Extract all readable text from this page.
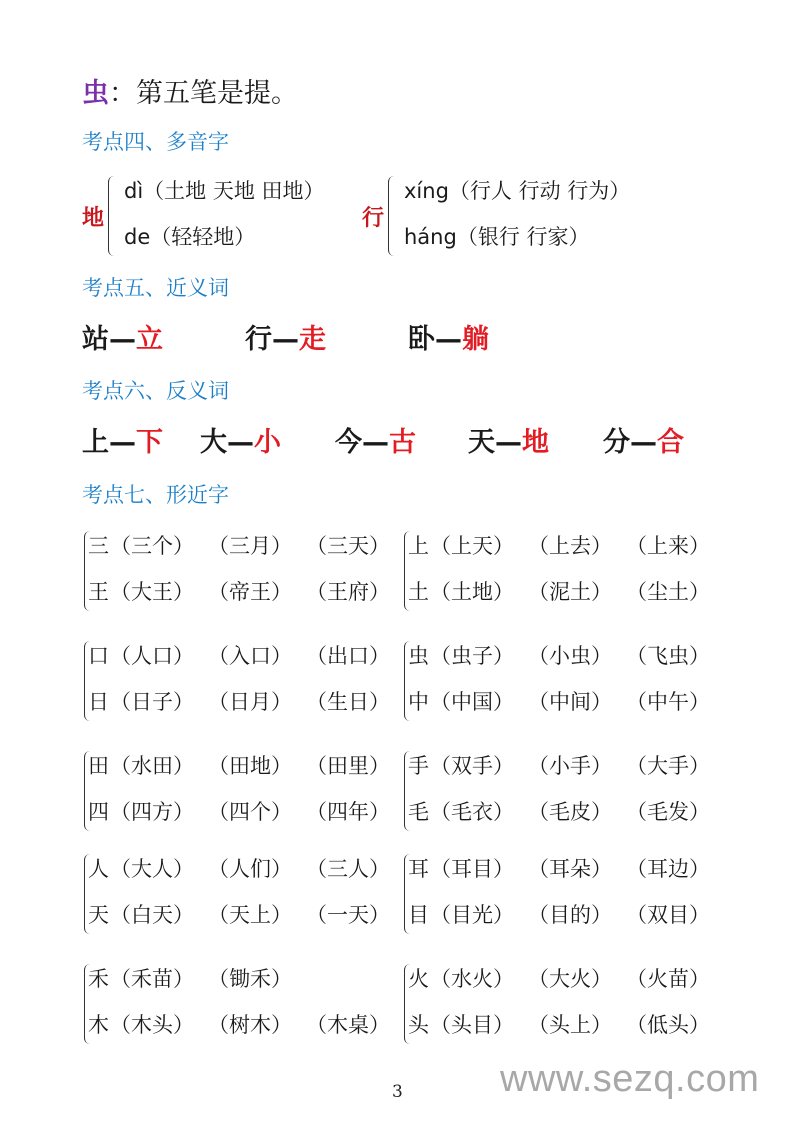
虫：第五笔是提。
考点四、多音字
地
dì（土地 天地 田地）
de（轻轻地）
行
xíng（行人 行动 行为）
háng（银行 行家）
考点五、近义词
站—立	行—走	卧—躺
考点六、反义词
上—下 大—小 今—古 天—地 分—合
考点七、形近字
三 （三个） （三月） （三天）
王 （大王） （帝王） （王府）
上 （上天） （上去） （上来）
土 （土地） （泥土） （尘土）
口 （人口） （入口） （出口）
日 （日子） （日月） （生日）
虫 （虫子） （小虫） （飞虫）
中 （中国） （中间） （中午）
田 （水田） （田地） （田里）
四 （四方） （四个） （四年）
手 （双手） （小手） （大手）
毛 （毛衣） （毛皮） （毛发）
人 （大人） （人们） （三人）
天 （白天） （天上） （一天）
耳 （耳目） （耳朵） （耳边）
目 （目光） （目的） （双目）
禾 （禾苗） （锄禾）
木 （木头） （树木） （木桌）
火 （水火） （大火） （火苗）
头 （头目） （头上） （低头）
3	www.sezq.com
